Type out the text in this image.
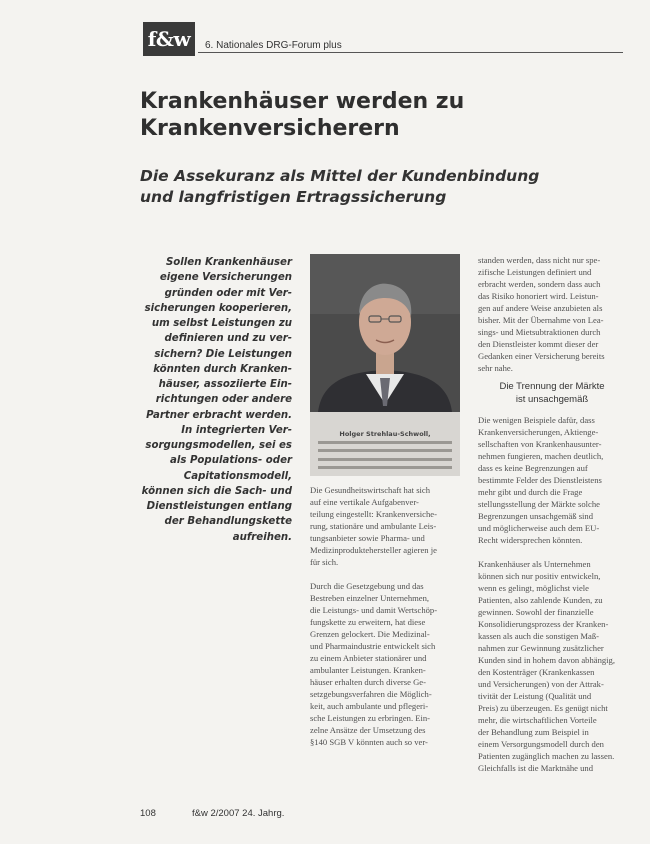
f&w	6. Nationales DRG-Forum plus
Krankenhäuser werden zu
Krankenversicherern
Die Assekuranz als Mittel der Kundenbindung
und langfristigen Ertragssicherung
Sollen Krankenhäuser
eigene Versicherungen
gründen oder mit Ver-
sicherungen kooperieren,
um selbst Leistungen zu
definieren und zu ver-
sichern? Die Leistungen
könnten durch Kranken-
häuser, assoziierte Ein-
richtungen oder andere
Partner erbracht werden.
In integrierten Ver-
sorgungsmodellen, sei es
als Populations- oder
Capitationsmodell,
können sich die Sach- und
Dienstleistungen entlang
der Behandlungskette
aufreihen.
Holger Strehlau-Schwoll,
Die Gesundheitswirtschaft hat sich
auf eine vertikale Aufgabenver-
teilung eingestellt: Krankenversiche-
rung, stationäre und ambulante Leis-
tungsanbieter sowie Pharma- und
Medizinproduktehersteller agieren je
für sich.
Durch die Gesetzgebung und das
Bestreben einzelner Unternehmen,
die Leistungs- und damit Wertschöp-
fungskette zu erweitern, hat diese
Grenzen gelockert. Die Medizinal-
und Pharmaindustrie entwickelt sich
zu einem Anbieter stationärer und
ambulanter Leistungen. Kranken-
häuser erhalten durch diverse Ge-
setzgebungsverfahren die Möglich-
keit, auch ambulante und pflegeri-
sche Leistungen zu erbringen. Ein-
zelne Ansätze der Umsetzung des
§140 SGB V könnten auch so ver-
standen werden, dass nicht nur spe-
zifische Leistungen definiert und
erbracht werden, sondern dass auch
das Risiko honoriert wird. Leistun-
gen auf andere Weise anzubieten als
bisher. Mit der Übernahme von Lea-
sings- und Mietsubtraktionen durch
den Dienstleister kommt dieser der
Gedanken einer Versicherung bereits
sehr nahe.
Die Trennung der Märkte
ist unsachgemäß
Die wenigen Beispiele dafür, dass
Krankenversicherungen, Aktienge-
sellschaften von Krankenhausunter-
nehmen fungieren, machen deutlich,
dass es keine Begrenzungen auf
bestimmte Felder des Dienstleistens
mehr gibt und durch die Frage
stellungsstellung der Märkte solche
Begrenzungen unsachgemäß sind
und möglicherweise auch dem EU-
Recht widersprechen könnten.
Krankenhäuser als Unternehmen
können sich nur positiv entwickeln,
wenn es gelingt, möglichst viele
Patienten, also zahlende Kunden, zu
gewinnen. Sowohl der finanzielle
Konsolidierungsprozess der Kranken-
kassen als auch die sonstigen Maß-
nahmen zur Gewinnung zusätzlicher
Kunden sind in hohem davon abhängig,
den Kostenträger (Krankenkassen
und Versicherungen) von der Attrak-
tivität der Leistung (Qualität und
Preis) zu überzeugen. Es genügt nicht
mehr, die wirtschaftlichen Vorteile
der Behandlung zum Beispiel in
einem Versorgungsmodell durch den
Patienten zugänglich machen zu lassen.
Gleichfalls ist die Marktnähe und
108	f&w 2/2007 24. Jahrg.
